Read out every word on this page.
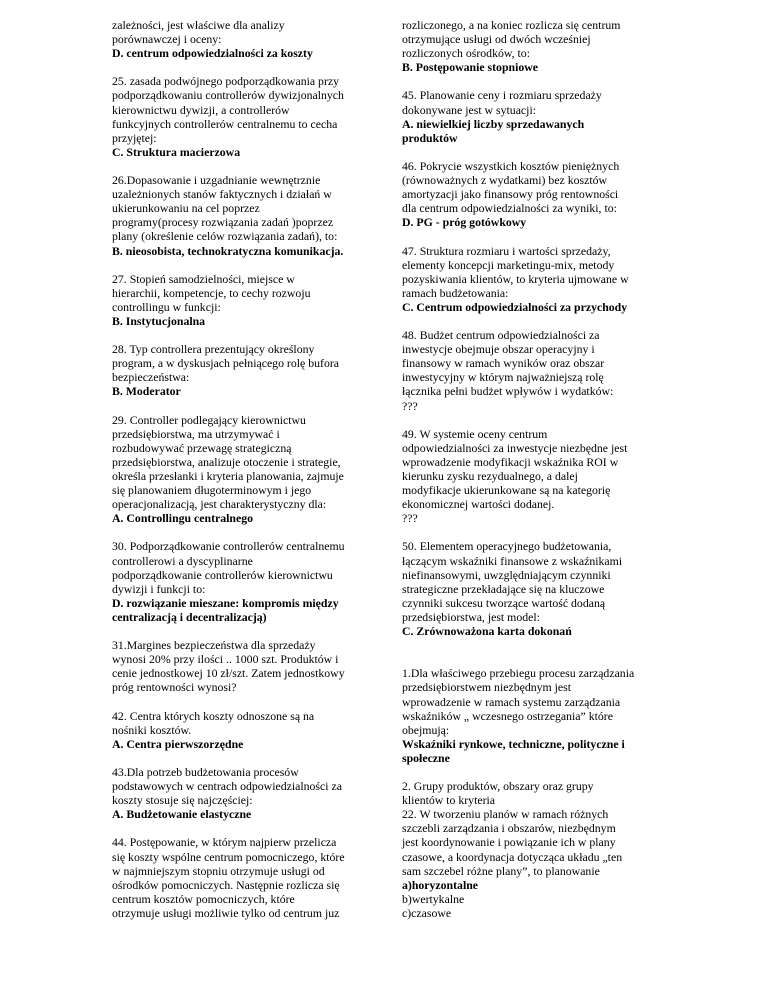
zależności, jest właściwe dla analizy
porównawczej i oceny:
D. centrum odpowiedzialności za koszty
25. zasada podwójnego podporządkowania przy
podporządkowaniu controllerów dywizjonalnych
kierownictwu dywizji, a controllerów
funkcyjnych controllerów centralnemu to cecha
przyjętej:
C. Struktura macierzowa
26.Dopasowanie i uzgadnianie wewnętrznie
uzależnionych stanów faktycznych i działań w
ukierunkowaniu na cel poprzez
programy(procesy rozwiązania zadań )poprzez
plany (określenie celów rozwiązania zadań), to:
B. nieosobista, technokratyczna komunikacja.
27. Stopień samodzielności, miejsce w
hierarchii, kompetencje, to cechy rozwoju
controllingu w funkcji:
B. Instytucjonalna
28. Typ controllera prezentujący określony
program, a w dyskusjach pełniącego rolę bufora
bezpieczeństwa:
B. Moderator
29. Controller podlegający kierownictwu
przedsiębiorstwa, ma utrzymywać i
rozbudowywać przewagę strategiczną
przedsiębiorstwa, analizuje otoczenie i strategie,
określa przesłanki i kryteria planowania, zajmuje
się planowaniem długoterminowym i jego
operacjonalizacją, jest charakterystyczny dla:
A. Controllingu centralnego
30. Podporządkowanie controllerów centralnemu
controllerowi a dyscyplinarne
podporządkowanie controllerów kierownictwu
dywizji i funkcji to:
D. rozwiązanie mieszane: kompromis między
centralizacją i decentralizacją)
31.Margines bezpieczeństwa dla sprzedaży
wynosi 20% przy ilości .. 1000 szt. Produktów i
cenie jednostkowej 10 zł/szt. Zatem jednostkowy
próg rentowności wynosi?
42. Centra których koszty odnoszone są na
nośniki kosztów.
A. Centra pierwszorzędne
43.Dla potrzeb budżetowania procesów
podstawowych w centrach odpowiedzialności za
koszty stosuje się najczęściej:
A. Budżetowanie elastyczne
44. Postępowanie, w którym najpierw przelicza
się koszty wspólne centrum pomocniczego, które
w najmniejszym stopniu otrzymuje usługi od
ośrodków pomocniczych. Następnie rozlicza się
centrum kosztów pomocniczych, które
otrzymuje usługi możliwie tylko od centrum juz
rozliczonego, a na koniec rozlicza się centrum
otrzymujące usługi od dwóch wcześniej
rozliczonych ośrodków, to:
B. Postępowanie stopniowe
45. Planowanie ceny i rozmiaru sprzedaży
dokonywane jest w sytuacji:
A. niewielkiej liczby sprzedawanych
produktów
46. Pokrycie wszystkich kosztów pieniężnych
(równoważnych z wydatkami) bez kosztów
amortyzacji jako finansowy próg rentowności
dla centrum odpowiedzialności za wyniki, to:
D. PG - próg gotówkowy
47. Struktura rozmiaru i wartości sprzedaży,
elementy koncepcji marketingu-mix, metody
pozyskiwania klientów, to kryteria ujmowane w
ramach budżetowania:
C. Centrum odpowiedzialności za przychody
48. Budżet centrum odpowiedzialności za
inwestycje obejmuje obszar operacyjny i
finansowy w ramach wyników oraz obszar
inwestycyjny w którym najważniejszą rolę
łącznika pełni budżet wpływów i wydatków:
???
49. W systemie oceny centrum
odpowiedzialności za inwestycje niezbędne jest
wprowadzenie modyfikacji wskaźnika ROI w
kierunku zysku rezydualnego, a dalej
modyfikacje ukierunkowane są na kategorię
ekonomicznej wartości dodanej.
???
50. Elementem operacyjnego budżetowania,
łączącym wskaźniki finansowe z wskaźnikami
niefinansowymi, uwzględniającym czynniki
strategiczne przekładające się na kluczowe
czynniki sukcesu tworzące wartość dodaną
przedsiębiorstwa, jest model:
C. Zrównoważona karta dokonań
1.Dla właściwego przebiegu procesu zarządzania
przedsiębiorstwem niezbędnym jest
wprowadzenie w ramach systemu zarządzania
wskaźników „ wczesnego ostrzegania” które
obejmują:
Wskaźniki rynkowe, techniczne, polityczne i
społeczne
2. Grupy produktów, obszary oraz grupy
klientów to kryteria
22. W tworzeniu planów w ramach różnych
szczebli zarządzania i obszarów, niezbędnym
jest koordynowanie i powiązanie ich w plany
czasowe, a koordynacja dotycząca układu „ten
sam szczebel różne plany”, to planowanie
a)horyzontalne
b)wertykalne
c)czasowe
